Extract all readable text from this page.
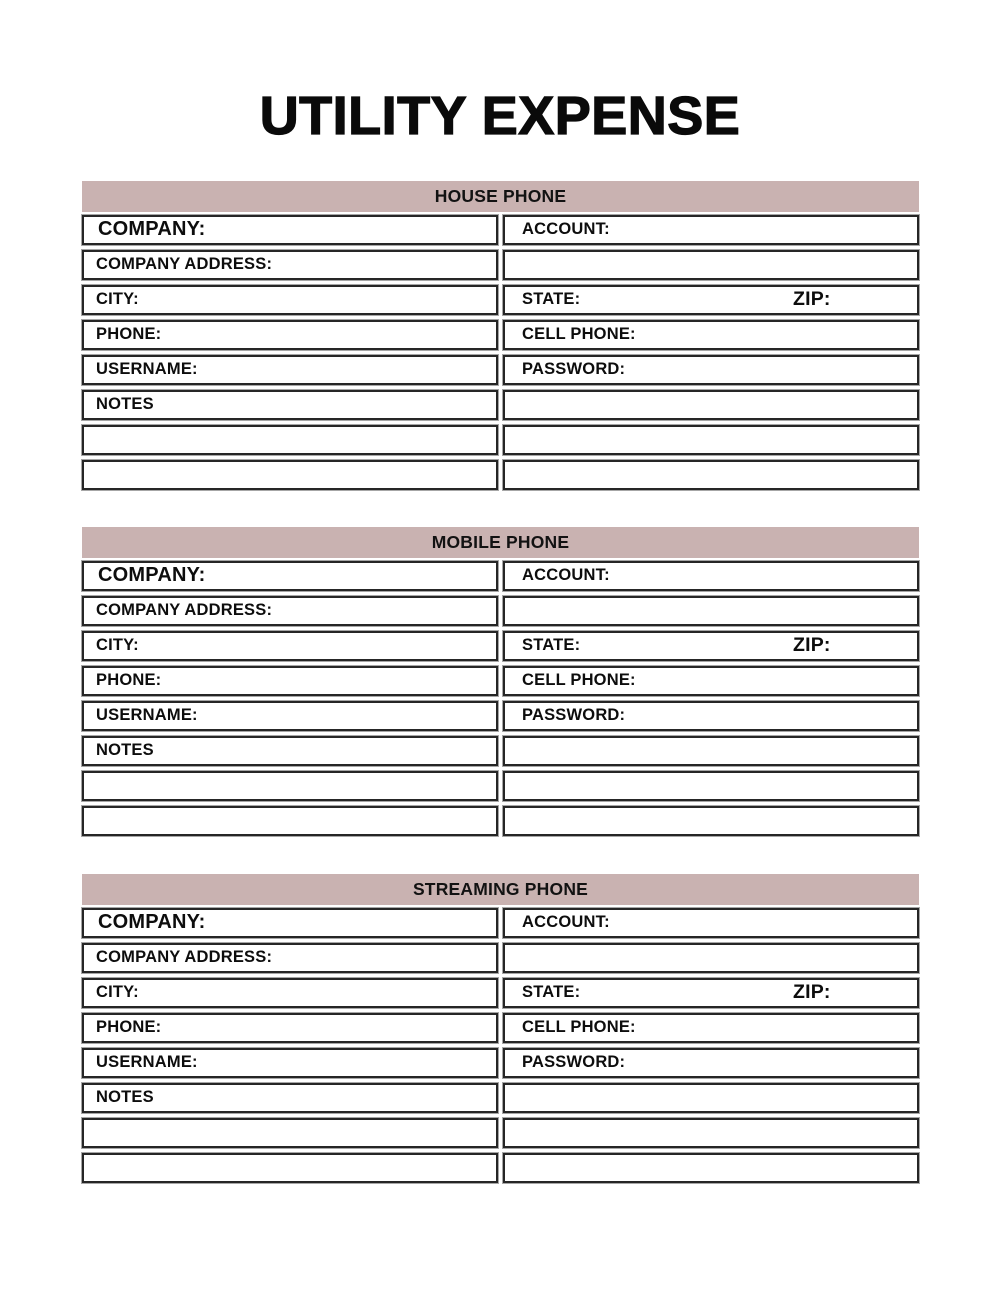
UTILITY EXPENSE
HOUSE PHONE
COMPANY:	ACCOUNT:
COMPANY ADDRESS:
CITY:	STATE:	ZIP:
PHONE:	CELL PHONE:
USERNAME:	PASSWORD:
NOTES
MOBILE PHONE
COMPANY:	ACCOUNT:
COMPANY ADDRESS:
CITY:	STATE:	ZIP:
PHONE:	CELL PHONE:
USERNAME:	PASSWORD:
NOTES
STREAMING PHONE
COMPANY:	ACCOUNT:
COMPANY ADDRESS:
CITY:	STATE:	ZIP:
PHONE:	CELL PHONE:
USERNAME:	PASSWORD:
NOTES
